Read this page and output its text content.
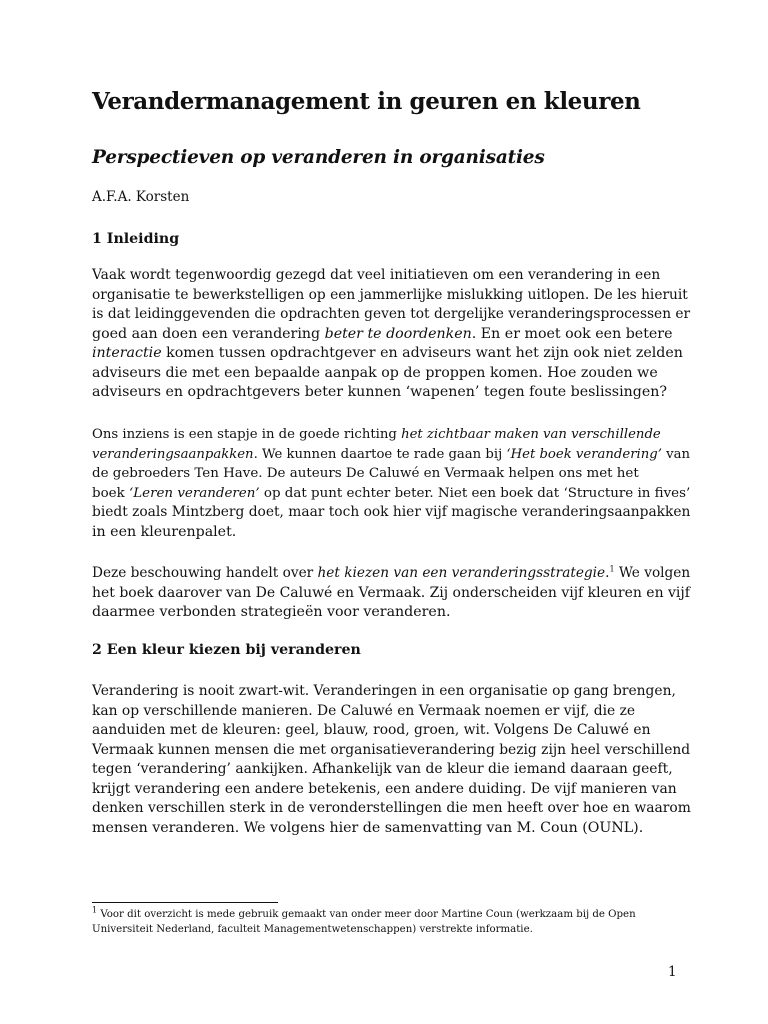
Verandermanagement in geuren en kleuren
Perspectieven op veranderen in organisaties

A.F.A. Korsten

1 Inleiding
Vaak wordt tegenwoordig gezegd dat veel initiatieven om een verandering in een
organisatie te bewerkstelligen op een jammerlijke mislukking uitlopen. De les hieruit
is dat leidinggevenden die opdrachten geven tot dergelijke veranderingsprocessen er
goed aan doen een verandering beter te doordenken. En er moet ook een betere
interactie komen tussen opdrachtgever en adviseurs want het zijn ook niet zelden
adviseurs die met een bepaalde aanpak op de proppen komen. Hoe zouden we
adviseurs en opdrachtgevers beter kunnen ‘wapenen’ tegen foute beslissingen?
Ons inziens is een stapje in de goede richting het zichtbaar maken van verschillende
veranderingsaanpakken. We kunnen daartoe te rade gaan bij ‘Het boek verandering’ van
de gebroeders Ten Have. De auteurs De Caluwé en Vermaak helpen ons met het
boek ‘Leren veranderen’ op dat punt echter beter. Niet een boek dat ‘Structure in fives’
biedt zoals Mintzberg doet, maar toch ook hier vijf magische veranderingsaanpakken
in een kleurenpalet.
Deze beschouwing handelt over het kiezen van een veranderingsstrategie.$^1$ We volgen
het boek daarover van De Caluwé en Vermaak. Zij onderscheiden vijf kleuren en vijf
daarmee verbonden strategieën voor veranderen.
2 Een kleur kiezen bij veranderen
Verandering is nooit zwart-wit. Veranderingen in een organisatie op gang brengen,
kan op verschillende manieren. De Caluwé en Vermaak noemen er vijf, die ze
aanduiden met de kleuren: geel, blauw, rood, groen, wit. Volgens De Caluwé en
Vermaak kunnen mensen die met organisatieverandering bezig zijn heel verschillend
tegen ‘verandering’ aankijken. Afhankelijk van de kleur die iemand daaraan geeft,
krijgt verandering een andere betekenis, een andere duiding. De vijf manieren van
denken verschillen sterk in de veronderstellingen die men heeft over hoe en waarom
mensen veranderen. We volgens hier de samenvatting van M. Coun (OUNL).
$^1$ Voor dit overzicht is mede gebruik gemaakt van onder meer door Martine Coun (werkzaam bij de Open
Universiteit Nederland, faculteit Managementwetenschappen) verstrekte informatie.

1
